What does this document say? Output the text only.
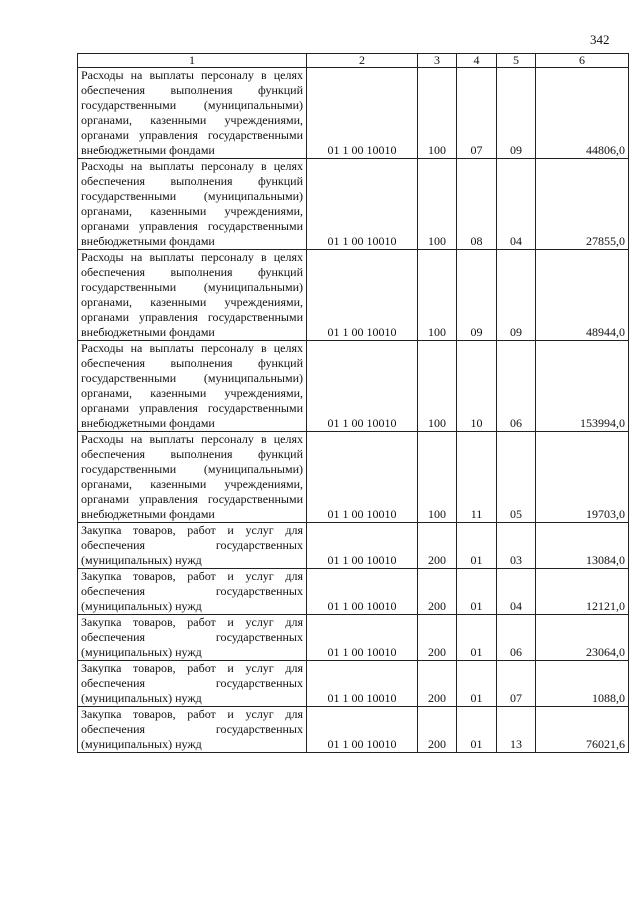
342
1	2	3	4	5	6
Расходы на выплаты персоналу в целях обеспечения выполнения функций государственными (муниципальными) органами, казенными учреждениями, органами управления государственными внебюджетными фондами	01 1 00 10010	100	07	09	44806,0
Расходы на выплаты персоналу в целях обеспечения выполнения функций государственными (муниципальными) органами, казенными учреждениями, органами управления государственными внебюджетными фондами	01 1 00 10010	100	08	04	27855,0
Расходы на выплаты персоналу в целях обеспечения выполнения функций государственными (муниципальными) органами, казенными учреждениями, органами управления государственными внебюджетными фондами	01 1 00 10010	100	09	09	48944,0
Расходы на выплаты персоналу в целях обеспечения выполнения функций государственными (муниципальными) органами, казенными учреждениями, органами управления государственными внебюджетными фондами	01 1 00 10010	100	10	06	153994,0
Расходы на выплаты персоналу в целях обеспечения выполнения функций государственными (муниципальными) органами, казенными учреждениями, органами управления государственными внебюджетными фондами	01 1 00 10010	100	11	05	19703,0
Закупка товаров, работ и услуг для обеспечения государственных (муниципальных) нужд	01 1 00 10010	200	01	03	13084,0
Закупка товаров, работ и услуг для обеспечения государственных (муниципальных) нужд	01 1 00 10010	200	01	04	12121,0
Закупка товаров, работ и услуг для обеспечения государственных (муниципальных) нужд	01 1 00 10010	200	01	06	23064,0
Закупка товаров, работ и услуг для обеспечения государственных (муниципальных) нужд	01 1 00 10010	200	01	07	1088,0
Закупка товаров, работ и услуг для обеспечения государственных (муниципальных) нужд	01 1 00 10010	200	01	13	76021,6
